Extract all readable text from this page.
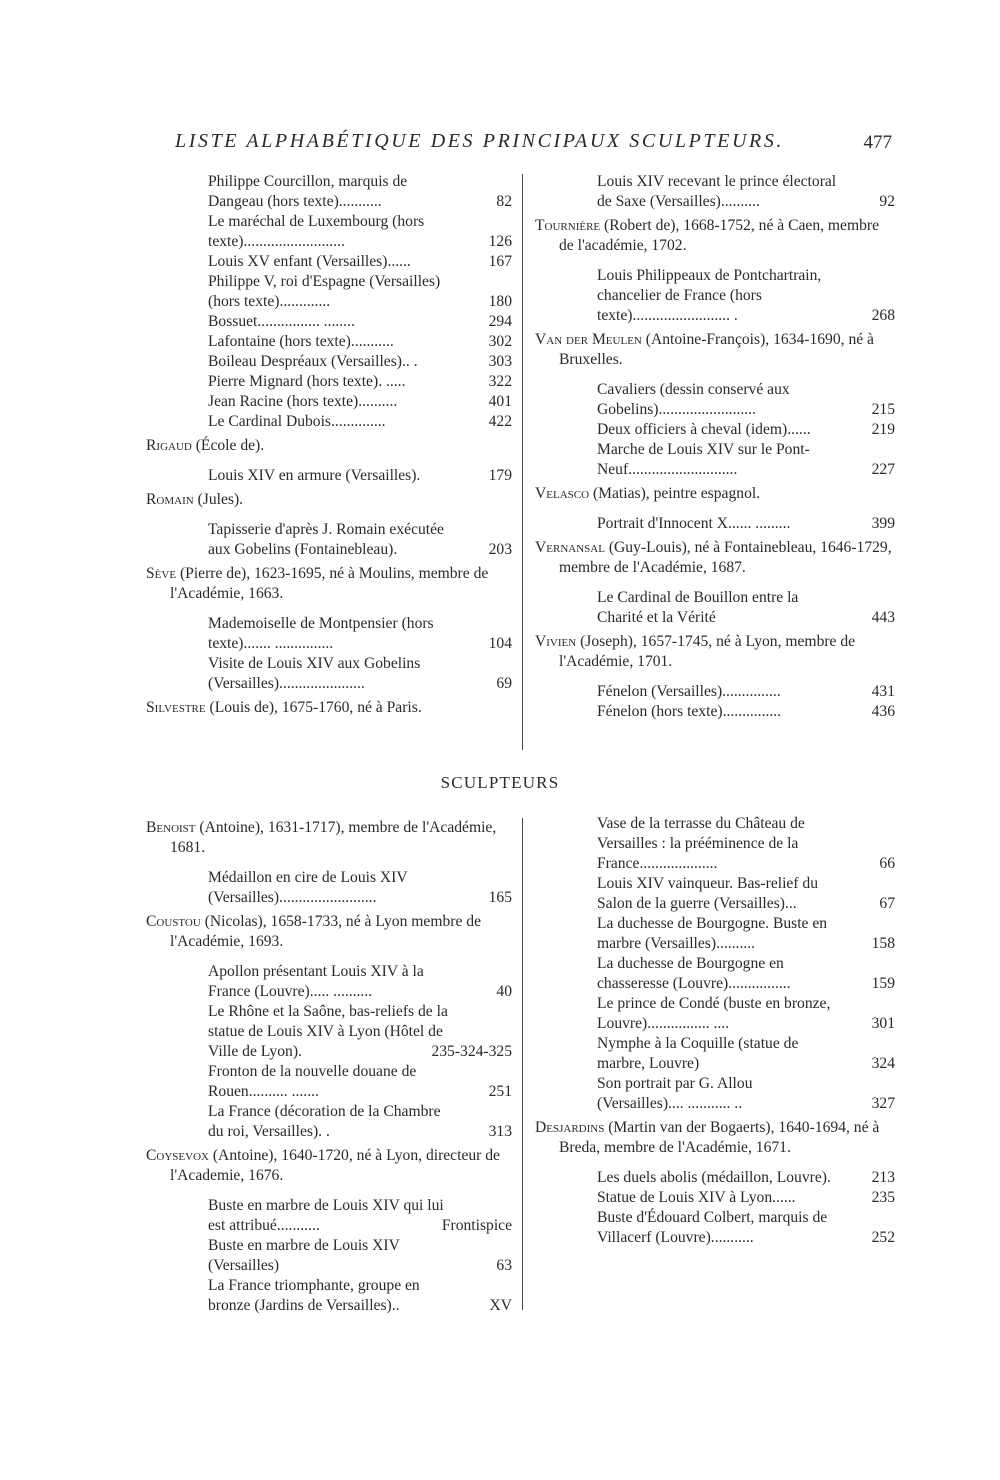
LISTE ALPHABÉTIQUE DES PRINCIPAUX SCULPTEURS.	477
Philippe Courcillon, marquis de Dangeau (hors texte)...........	82
Le maréchal de Luxembourg (hors texte)..........................	126
Louis XV enfant (Versailles)......	167
Philippe V, roi d'Espagne (Versailles) (hors texte).............	180
Bossuet................ ........	294
Lafontaine (hors texte)...........	302
Boileau Despréaux (Versailles).. .	303
Pierre Mignard (hors texte). .....	322
Jean Racine (hors texte)..........	401
Le Cardinal Dubois..............	422
Rigaud (École de).
Louis XIV en armure (Versailles).	179
Romain (Jules).
Tapisserie d'après J. Romain exécutée aux Gobelins (Fontainebleau).	203
Sève (Pierre de), 1623-1695, né à Moulins, membre de l'Académie, 1663.
Mademoiselle de Montpensier (hors texte)....... ...............	104
Visite de Louis XIV aux Gobelins (Versailles)......................	69
Silvestre (Louis de), 1675-1760, né à Paris.
Louis XIV recevant le prince électoral de Saxe (Versailles)..........	92
Tournière (Robert de), 1668-1752, né à Caen, membre de l'académie, 1702.
Louis Philippeaux de Pontchartrain, chancelier de France (hors texte)......................... .	268
Van der Meulen (Antoine-François), 1634-1690, né à Bruxelles.
Cavaliers (dessin conservé aux Gobelins).........................	215
Deux officiers à cheval (idem)......	219
Marche de Louis XIV sur le Pont-Neuf............................	227
Velasco (Matias), peintre espagnol.
Portrait d'Innocent X...... .........	399
Vernansal (Guy-Louis), né à Fontainebleau, 1646-1729, membre de l'Académie, 1687.
Le Cardinal de Bouillon entre la Charité et la Vérité	443
Vivien (Joseph), 1657-1745, né à Lyon, membre de l'Académie, 1701.
Fénelon (Versailles)...............	431
Fénelon (hors texte)...............	436
SCULPTEURS
Benoist (Antoine), 1631-1717), membre de l'Académie, 1681.
Médaillon en cire de Louis XIV (Versailles).........................	165
Coustou (Nicolas), 1658-1733, né à Lyon membre de l'Académie, 1693.
Apollon présentant Louis XIV à la France (Louvre)..... ..........	40
Le Rhône et la Saône, bas-reliefs de la statue de Louis XIV à Lyon (Hôtel de Ville de Lyon).	235-324-325
Fronton de la nouvelle douane de Rouen.......... .......	251
La France (décoration de la Chambre du roi, Versailles). .	313
Coysevox (Antoine), 1640-1720, né à Lyon, directeur de l'Academie, 1676.
Buste en marbre de Louis XIV qui lui est attribué...........	Frontispice
Buste en marbre de Louis XIV (Versailles)	63
La France triomphante, groupe en bronze (Jardins de Versailles)..	XV
Vase de la terrasse du Château de Versailles : la prééminence de la France....................	66
Louis XIV vainqueur. Bas-relief du Salon de la guerre (Versailles)...	67
La duchesse de Bourgogne. Buste en marbre (Versailles)..........	158
La duchesse de Bourgogne en chasseresse (Louvre)................	159
Le prince de Condé (buste en bronze, Louvre)................ ....	301
Nymphe à la Coquille (statue de marbre, Louvre)	324
Son portrait par G. Allou (Versailles).... ........... ..	327
Desjardins (Martin van der Bogaerts), 1640-1694, né à Breda, membre de l'Académie, 1671.
Les duels abolis (médaillon, Louvre).	213
Statue de Louis XIV à Lyon......	235
Buste d'Édouard Colbert, marquis de Villacerf (Louvre)...........	252
